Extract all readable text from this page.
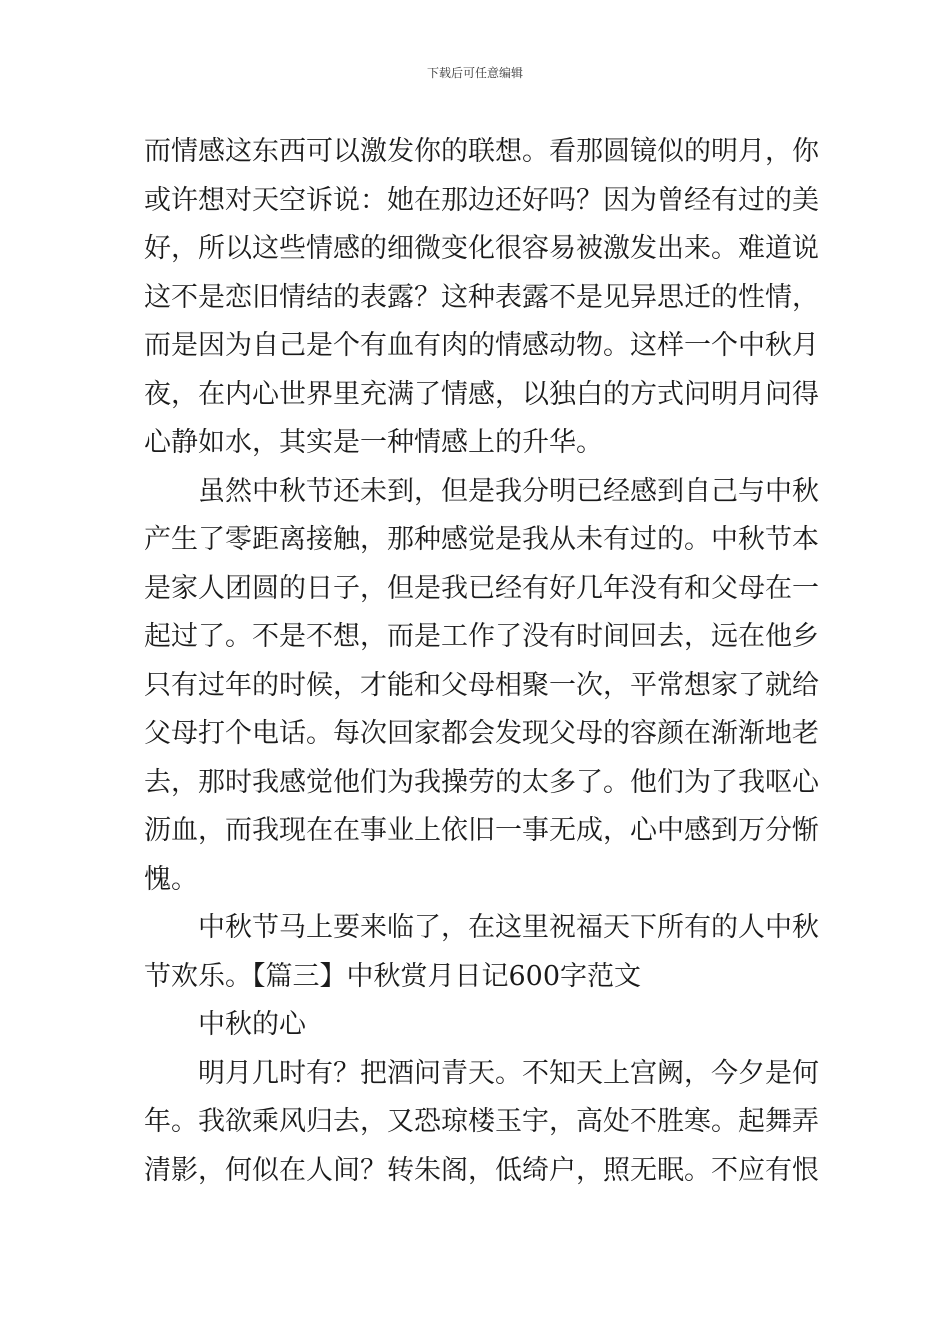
下载后可任意编辑
而情感这东西可以激发你的联想。看那圆镜似的明月，你
或许想对天空诉说：她在那边还好吗？因为曾经有过的美
好，所以这些情感的细微变化很容易被激发出来。难道说
这不是恋旧情结的表露？这种表露不是见异思迁的性情，
而是因为自己是个有血有肉的情感动物。这样一个中秋月
夜，在内心世界里充满了情感，以独白的方式问明月问得
心静如水，其实是一种情感上的升华。
虽然中秋节还未到，但是我分明已经感到自己与中秋
产生了零距离接触，那种感觉是我从未有过的。中秋节本
是家人团圆的日子，但是我已经有好几年没有和父母在一
起过了。不是不想，而是工作了没有时间回去，远在他乡
只有过年的时候，才能和父母相聚一次，平常想家了就给
父母打个电话。每次回家都会发现父母的容颜在渐渐地老
去，那时我感觉他们为我操劳的太多了。他们为了我呕心
沥血，而我现在在事业上依旧一事无成，心中感到万分惭
愧。
中秋节马上要来临了，在这里祝福天下所有的人中秋
节欢乐。【篇三】中秋赏月日记600字范文
中秋的心
明月几时有？把酒问青天。不知天上宫阙，今夕是何
年。我欲乘风归去，又恐琼楼玉宇，高处不胜寒。起舞弄
清影，何似在人间？转朱阁，低绮户，照无眠。不应有恨
